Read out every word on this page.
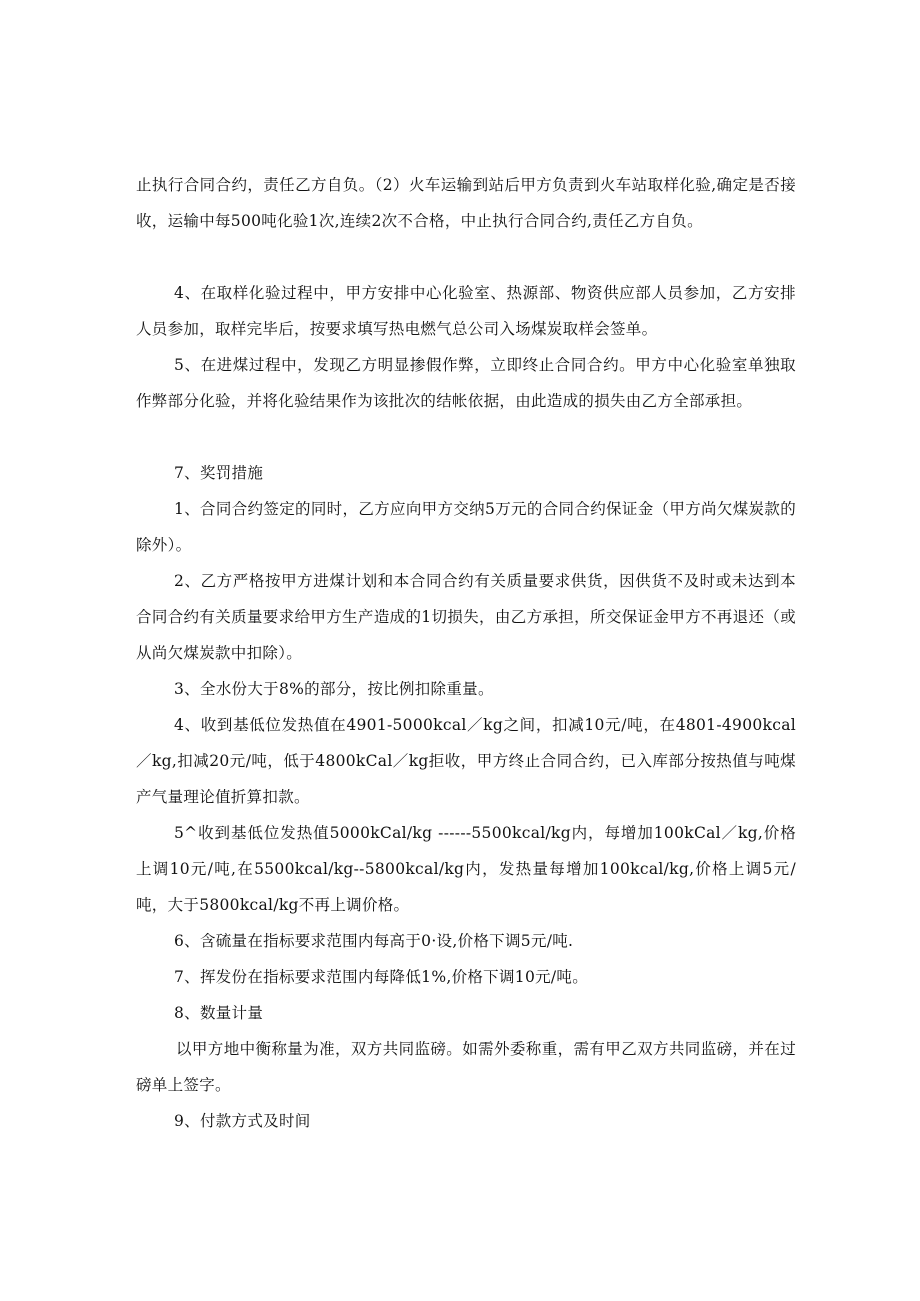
止执行合同合约，责任乙方自负。（2）火车运输到站后甲方负责到火车站取样化验,确定是否接收，运输中每500吨化验1次,连续2次不合格，中止执行合同合约,责任乙方自负。

4、在取样化验过程中，甲方安排中心化验室、热源部、物资供应部人员参加，乙方安排人员参加，取样完毕后，按要求填写热电燃气总公司入场煤炭取样会签单。

5、在进煤过程中，发现乙方明显掺假作弊，立即终止合同合约。甲方中心化验室单独取作弊部分化验，并将化验结果作为该批次的结帐依据，由此造成的损失由乙方全部承担。

7、奖罚措施

1、合同合约签定的同时，乙方应向甲方交纳5万元的合同合约保证金（甲方尚欠煤炭款的除外）。

2、乙方严格按甲方进煤计划和本合同合约有关质量要求供货，因供货不及时或未达到本合同合约有关质量要求给甲方生产造成的1切损失，由乙方承担，所交保证金甲方不再退还（或从尚欠煤炭款中扣除）。

3、全水份大于8%的部分，按比例扣除重量。

4、收到基低位发热值在4901-5000kcal／kg之间，扣减10元/吨，在4801-4900kcal／kg,扣减20元/吨，低于4800kCal／kg拒收，甲方终止合同合约，已入库部分按热值与吨煤产气量理论值折算扣款。

5^收到基低位发热值5000kCal/kg ------5500kcal/kg内，每增加100kCal／kg,价格上调10元/吨,在5500kcal/kg--5800kcal/kg内，发热量每增加100kcal/kg,价格上调5元/吨，大于5800kcal/kg不再上调价格。

6、含硫量在指标要求范围内每高于0·设,价格下调5元/吨.

7、挥发份在指标要求范围内每降低1%,价格下调10元/吨。

8、数量计量

以甲方地中衡称量为准，双方共同监磅。如需外委称重，需有甲乙双方共同监磅，并在过磅单上签字。

9、付款方式及时间
